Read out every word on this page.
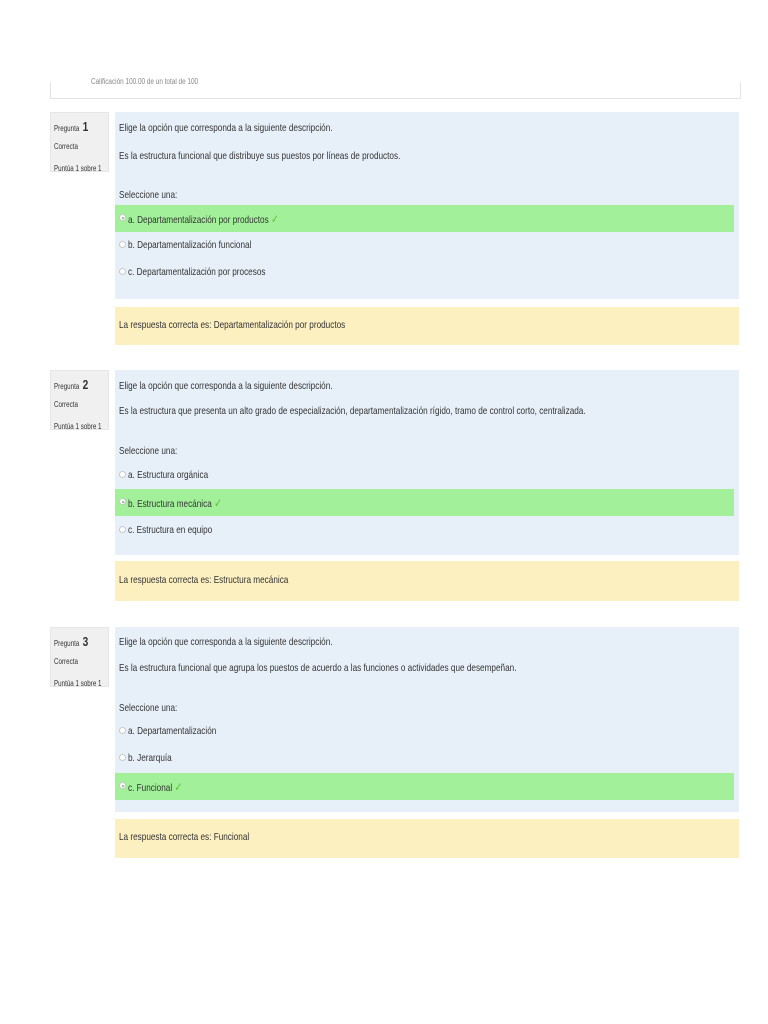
Calificación 100.00 de un total de 100
Pregunta 1
Correcta
Puntúa 1 sobre 1
Elige la opción que corresponda a la siguiente descripción.
Es la estructura funcional que distribuye sus puestos por líneas de productos.
Seleccione una:
a. Departamentalización por productos ✓
b. Departamentalización funcional
c. Departamentalización por procesos
La respuesta correcta es: Departamentalización por productos
Pregunta 2
Correcta
Puntúa 1 sobre 1
Elige la opción que corresponda a la siguiente descripción.
Es la estructura que presenta un alto grado de especialización, departamentalización rígido, tramo de control corto, centralizada.
Seleccione una:
a. Estructura orgánica
b. Estructura mecánica ✓
c. Estructura en equipo
La respuesta correcta es: Estructura mecánica
Pregunta 3
Correcta
Puntúa 1 sobre 1
Elige la opción que corresponda a la siguiente descripción.
Es la estructura funcional que agrupa los puestos de acuerdo a las funciones o actividades que desempeñan.
Seleccione una:
a. Departamentalización
b. Jerarquía
c. Funcional ✓
La respuesta correcta es: Funcional
